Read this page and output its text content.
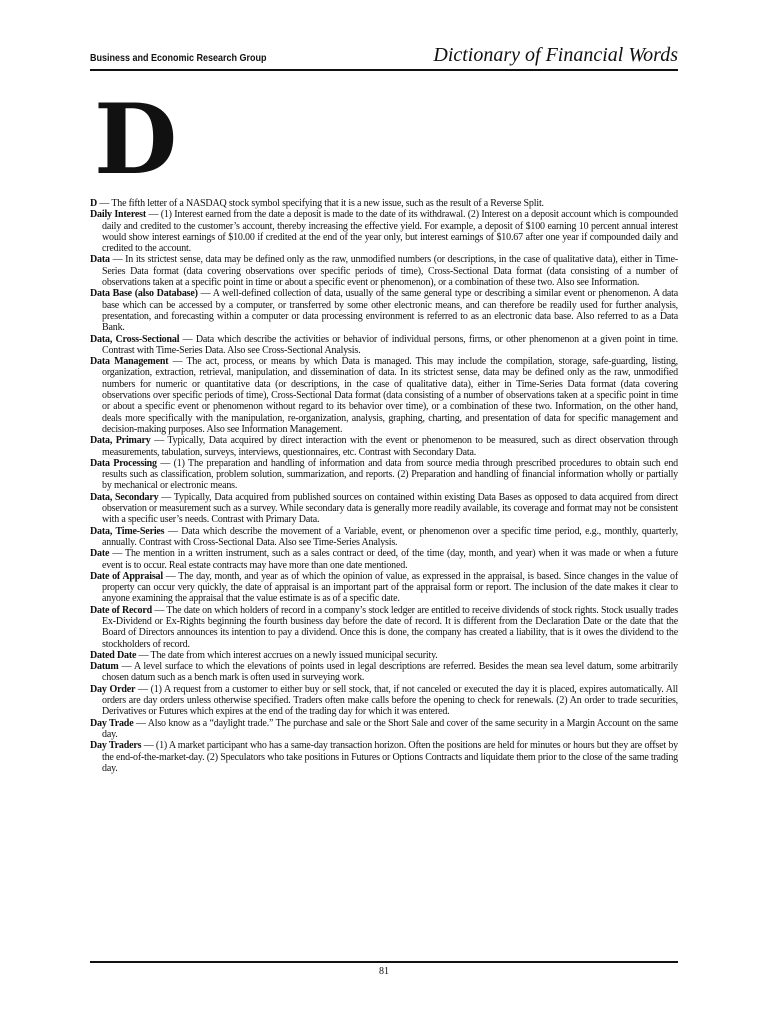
Business and Economic Research Group	Dictionary of Financial Words
D

D — The fifth letter of a NASDAQ stock symbol specifying that it is a new issue, such as the result of a Reverse Split.

Daily Interest — (1) Interest earned from the date a deposit is made to the date of its withdrawal. (2) Interest on a deposit account which is compounded daily and credited to the customer’s account, thereby increasing the effective yield. For example, a deposit of $100 earning 10 percent annual interest would show interest earnings of $10.00 if credited at the end of the year only, but interest earnings of $10.67 after one year if compounded daily and credited to the account.

Data — In its strictest sense, data may be defined only as the raw, unmodified numbers (or descriptions, in the case of qualitative data), either in Time-Series Data format (data covering observations over specific periods of time), Cross-Sectional Data format (data consisting of a number of observations taken at a specific point in time or about a specific event or phenomenon), or a combination of these two. Also see Information.

Data Base (also Database) — A well-defined collection of data, usually of the same general type or describing a similar event or phenomenon. A data base which can be accessed by a computer, or transferred by some other electronic means, and can therefore be readily used for further analysis, presentation, and forecasting within a computer or data processing environment is referred to as an electronic data base. Also referred to as a Data Bank.

Data, Cross-Sectional — Data which describe the activities or behavior of individual persons, firms, or other phenomenon at a given point in time. Contrast with Time-Series Data. Also see Cross-Sectional Analysis.

Data Management — The act, process, or means by which Data is managed. This may include the compilation, storage, safe-guarding, listing, organization, extraction, retrieval, manipulation, and dissemination of data. In its strictest sense, data may be defined only as the raw, unmodified numbers for numeric or quantitative data (or descriptions, in the case of qualitative data), either in Time-Series Data format (data covering observations over specific periods of time), Cross-Sectional Data format (data consisting of a number of observations taken at a specific point in time or about a specific event or phenomenon without regard to its behavior over time), or a combination of these two. Information, on the other hand, deals more specifically with the manipulation, re-organization, analysis, graphing, charting, and presentation of data for specific management and decision-making purposes. Also see Information Management.

Data, Primary — Typically, Data acquired by direct interaction with the event or phenomenon to be measured, such as direct observation through measurements, tabulation, surveys, interviews, questionnaires, etc. Contrast with Secondary Data.

Data Processing — (1) The preparation and handling of information and data from source media through prescribed procedures to obtain such end results such as classification, problem solution, summarization, and reports. (2) Preparation and handling of financial information wholly or partially by mechanical or electronic means.

Data, Secondary — Typically, Data acquired from published sources on contained within existing Data Bases as opposed to data acquired from direct observation or measurement such as a survey. While secondary data is generally more readily available, its coverage and format may not be consistent with a specific user’s needs. Contrast with Primary Data.

Data, Time-Series — Data which describe the movement of a Variable, event, or phenomenon over a specific time period, e.g., monthly, quarterly, annually. Contrast with Cross-Sectional Data. Also see Time-Series Analysis.

Date — The mention in a written instrument, such as a sales contract or deed, of the time (day, month, and year) when it was made or when a future event is to occur. Real estate contracts may have more than one date mentioned.

Date of Appraisal — The day, month, and year as of which the opinion of value, as expressed in the appraisal, is based. Since changes in the value of property can occur very quickly, the date of appraisal is an important part of the appraisal form or report. The inclusion of the date makes it clear to anyone examining the appraisal that the value estimate is as of a specific date.

Date of Record — The date on which holders of record in a company’s stock ledger are entitled to receive dividends of stock rights. Stock usually trades Ex-Dividend or Ex-Rights beginning the fourth business day before the date of record. It is different from the Declaration Date or the date that the Board of Directors announces its intention to pay a dividend. Once this is done, the company has created a liability, that is it owes the dividend to the stockholders of record.

Dated Date — The date from which interest accrues on a newly issued municipal security.

Datum — A level surface to which the elevations of points used in legal descriptions are referred. Besides the mean sea level datum, some arbitrarily chosen datum such as a bench mark is often used in surveying work.

Day Order — (1) A request from a customer to either buy or sell stock, that, if not canceled or executed the day it is placed, expires automatically. All orders are day orders unless otherwise specified. Traders often make calls before the opening to check for renewals. (2) An order to trade securities, Derivatives or Futures which expires at the end of the trading day for which it was entered.

Day Trade — Also know as a “daylight trade.” The purchase and sale or the Short Sale and cover of the same security in a Margin Account on the same day.

Day Traders — (1) A market participant who has a same-day transaction horizon. Often the positions are held for minutes or hours but they are offset by the end-of-the-market-day. (2) Speculators who take positions in Futures or Options Contracts and liquidate them prior to the close of the same trading day.

81
